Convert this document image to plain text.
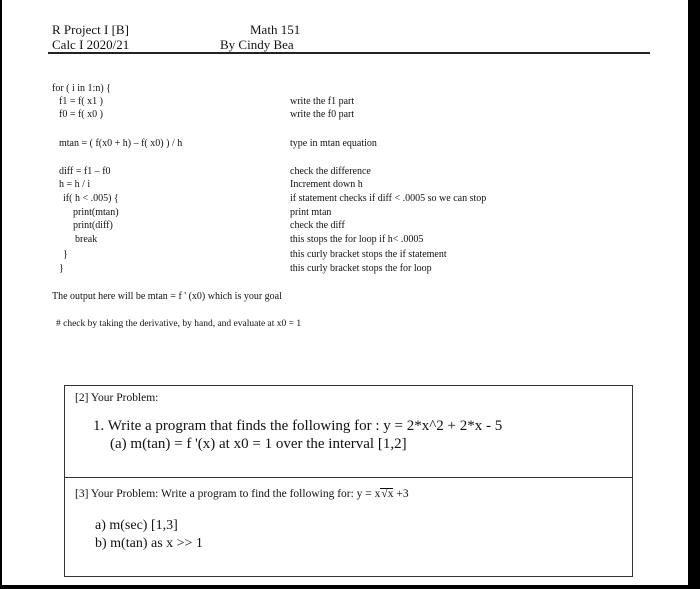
R Project I [B]
Calc I 2020/21
Math 151
By Cindy Bea
for ( i in 1:n) {
f1 = f( x1 )
f0 = f( x0 )
mtan = ( f(x0 + h) – f( x0) ) / h
diff = f1 – f0
h = h / i
if( h < .005) {
print(mtan)
print(diff)
break
}
}
write the f1 part
write the f0 part
type in mtan equation
check the difference
Increment down h
if statement checks if diff < .0005 so we can stop
print mtan
check the diff
this stops the for loop if h< .0005
this curly bracket stops the if statement
this curly bracket stops the for loop
The output here will be mtan = f ' (x0) which is your goal
# check by taking the derivative, by hand, and evaluate at x0 = 1
[2] Your Problem:
1. Write a program that finds the following for : y = 2*x^2 + 2*x - 5
(a) m(tan) = f '(x) at x0 = 1 over the interval [1,2]
[3] Your Problem: Write a program to find the following for: y = x√x +3
a) m(sec) [1,3]
b) m(tan) as x >> 1
